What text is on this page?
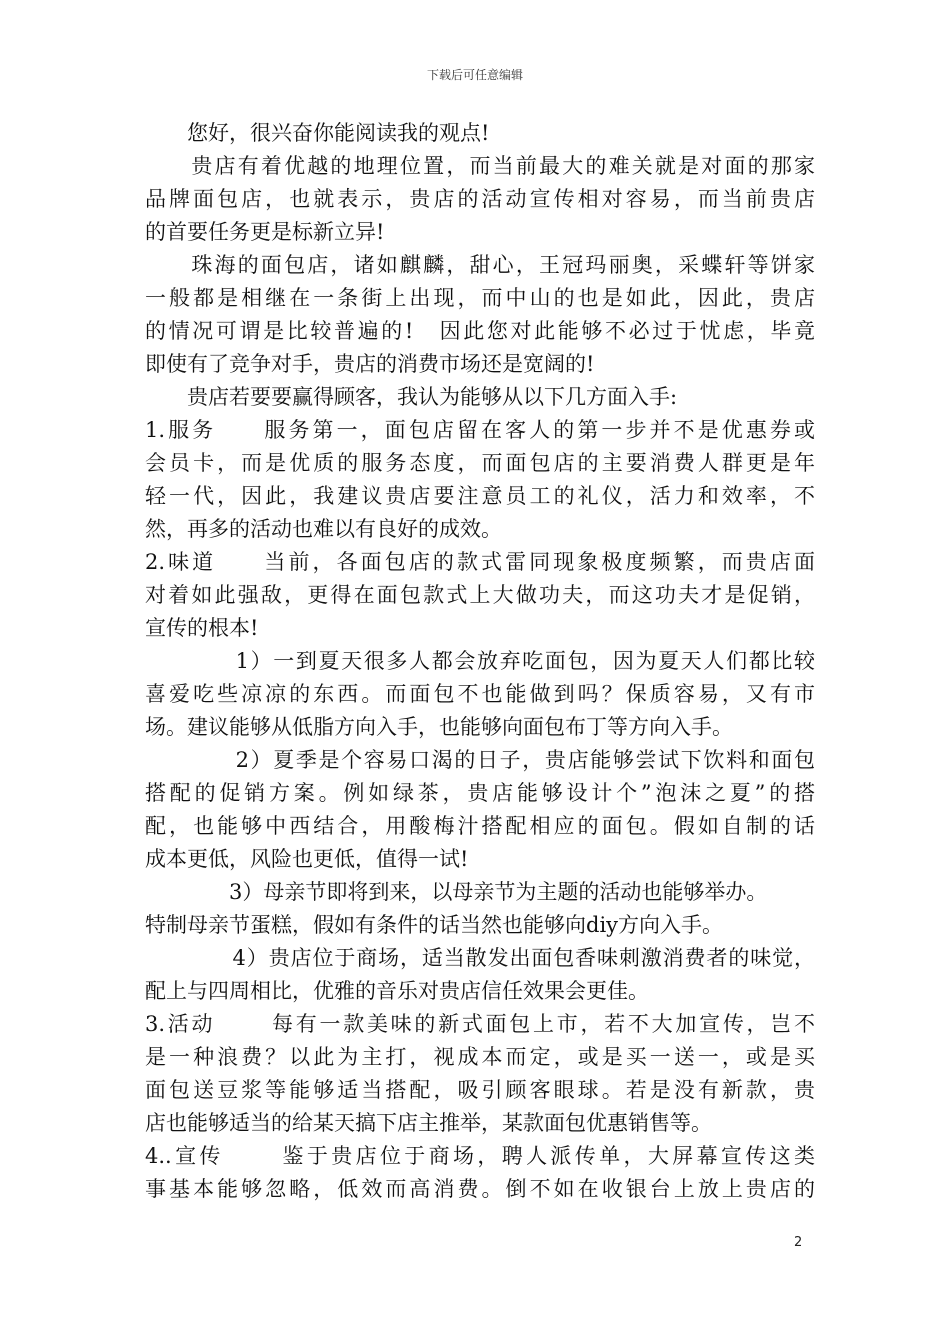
下载后可任意编辑
　　您好，很兴奋你能阅读我的观点!
　　贵店有着优越的地理位置，而当前最大的难关就是对面的那家
品牌面包店，也就表示，贵店的活动宣传相对容易，而当前贵店
的首要任务更是标新立异!
　　珠海的面包店，诸如麒麟，甜心，王冠玛丽奥，采蝶轩等饼家
一般都是相继在一条街上出现，而中山的也是如此，因此，贵店
的情况可谓是比较普遍的!　因此您对此能够不必过于忧虑，毕竟
即使有了竞争对手，贵店的消费市场还是宽阔的!
　　贵店若要要赢得顾客，我认为能够从以下几方面入手:
1.服务　　服务第一，面包店留在客人的第一步并不是优惠券或
会员卡，而是优质的服务态度，而面包店的主要消费人群更是年
轻一代，因此，我建议贵店要注意员工的礼仪，活力和效率，不
然，再多的活动也难以有良好的成效。
2.味道　　当前，各面包店的款式雷同现象极度频繁，而贵店面
对着如此强敌，更得在面包款式上大做功夫，而这功夫才是促销，
宣传的根本!
　　　　1）一到夏天很多人都会放弃吃面包，因为夏天人们都比较
喜爱吃些凉凉的东西。而面包不也能做到吗？保质容易，又有市
场。建议能够从低脂方向入手，也能够向面包布丁等方向入手。
　　　　2）夏季是个容易口渴的日子，贵店能够尝试下饮料和面包
搭配的促销方案。例如绿茶，贵店能够设计个”泡沫之夏”的搭
配，也能够中西结合，用酸梅汁搭配相应的面包。假如自制的话
成本更低，风险也更低，值得一试!
　　　　3）母亲节即将到来，以母亲节为主题的活动也能够举办。
特制母亲节蛋糕，假如有条件的话当然也能够向diy方向入手。
　　　　4）贵店位于商场，适当散发出面包香味刺激消费者的味觉，
配上与四周相比，优雅的音乐对贵店信任效果会更佳。
3.活动　　 每有一款美味的新式面包上市，若不大加宣传，岂不
是一种浪费？以此为主打，视成本而定，或是买一送一，或是买
面包送豆浆等能够适当搭配，吸引顾客眼球。若是没有新款，贵
店也能够适当的给某天搞下店主推举，某款面包优惠销售等。
4..宣传　　 鉴于贵店位于商场，聘人派传单，大屏幕宣传这类
事基本能够忽略，低效而高消费。倒不如在收银台上放上贵店的
2
